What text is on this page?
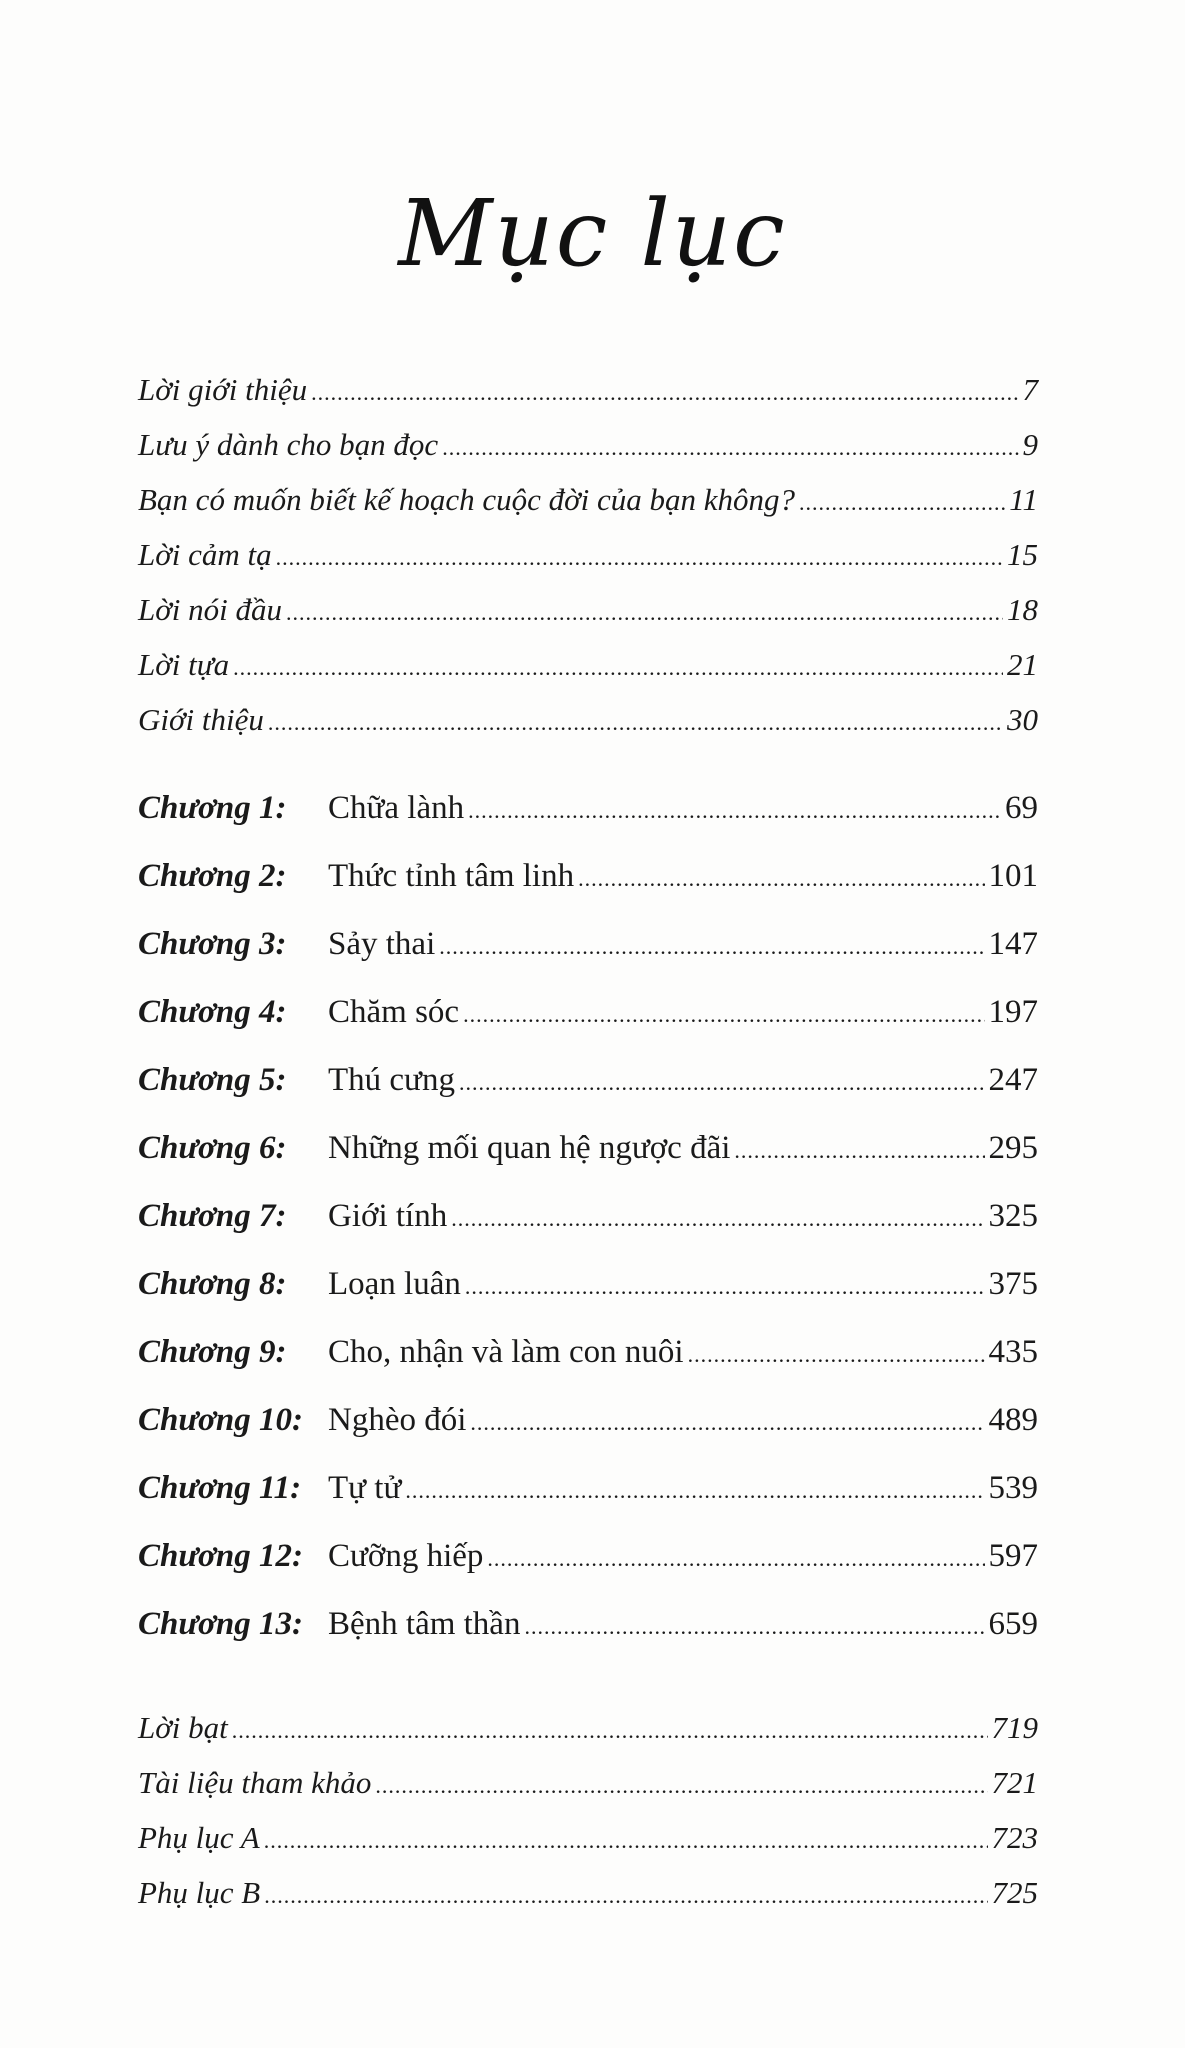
Mục lục
Lời giới thiệu .....	7
Lưu ý dành cho bạn đọc .....	9
Bạn có muốn biết kế hoạch cuộc đời của bạn không? .....	11
Lời cảm tạ .....	15
Lời nói đầu .....	18
Lời tựa .....	21
Giới thiệu .....	30
Chương 1:	Chữa lành .....	69
Chương 2:	Thức tỉnh tâm linh .....	101
Chương 3:	Sảy thai .....	147
Chương 4:	Chăm sóc .....	197
Chương 5:	Thú cưng .....	247
Chương 6:	Những mối quan hệ ngược đãi .....	295
Chương 7:	Giới tính .....	325
Chương 8:	Loạn luân .....	375
Chương 9:	Cho, nhận và làm con nuôi .....	435
Chương 10: Nghèo đói .....	489
Chương 11: Tự tử .....	539
Chương 12: Cưỡng hiếp .....	597
Chương 13: Bệnh tâm thần .....	659
Lời bạt .....	719
Tài liệu tham khảo .....	721
Phụ lục A .....	723
Phụ lục B .....	725
